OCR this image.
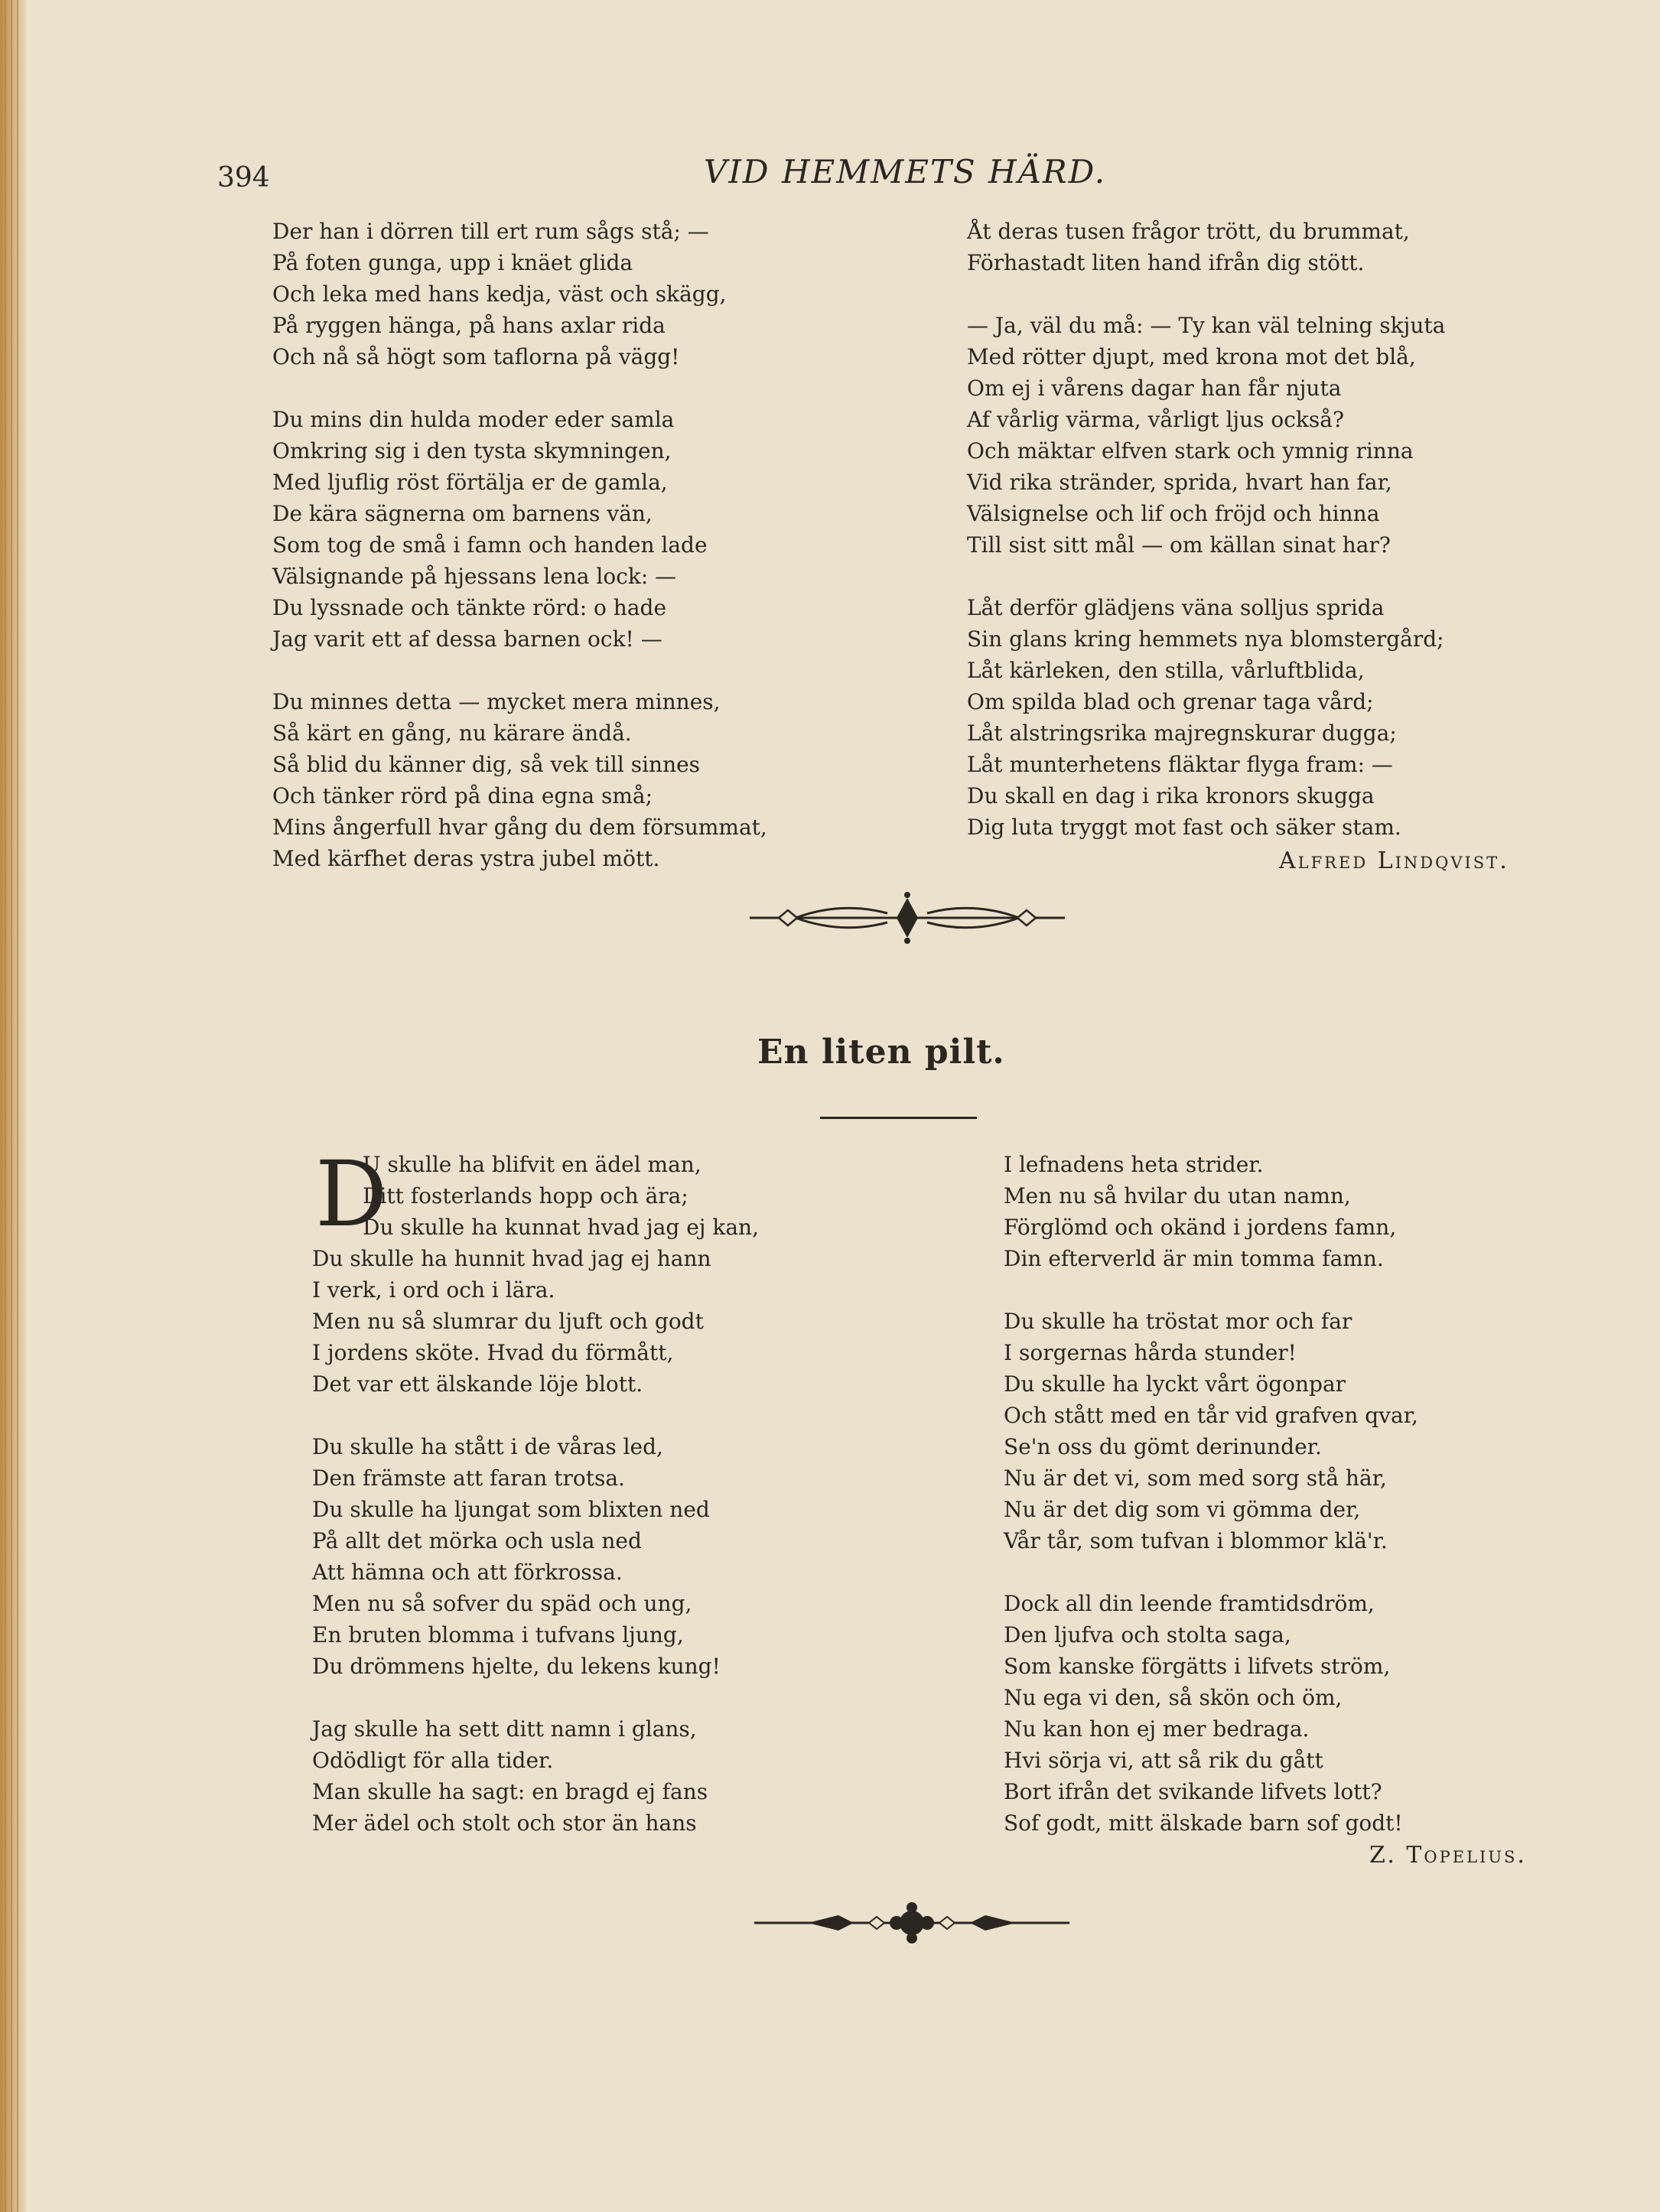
394	VID HEMMETS HÄRD.
Der han i dörren till ert rum sågs stå; —
På foten gunga, upp i knäet glida
Och leka med hans kedja, väst och skägg,
På ryggen hänga, på hans axlar rida
Och nå så högt som taflorna på vägg!
Du mins din hulda moder eder samla
Omkring sig i den tysta skymningen,
Med ljuflig röst förtälja er de gamla,
De kära sägnerna om barnens vän,
Som tog de små i famn och handen lade
Välsignande på hjessans lena lock: —
Du lyssnade och tänkte rörd: o hade
Jag varit ett af dessa barnen ock! —
Du minnes detta — mycket mera minnes,
Så kärt en gång, nu kärare ändå.
Så blid du känner dig, så vek till sinnes
Och tänker rörd på dina egna små;
Mins ångerfull hvar gång du dem försummat,
Med kärfhet deras ystra jubel mött.
Åt deras tusen frågor trött, du brummat,
Förhastadt liten hand ifrån dig stött.
— Ja, väl du må: — Ty kan väl telning skjuta
Med rötter djupt, med krona mot det blå,
Om ej i vårens dagar han får njuta
Af vårlig värma, vårligt ljus också?
Och mäktar elfven stark och ymnig rinna
Vid rika stränder, sprida, hvart han far,
Välsignelse och lif och fröjd och hinna
Till sist sitt mål — om källan sinat har?
Låt derför glädjens väna solljus sprida
Sin glans kring hemmets nya blomstergård;
Låt kärleken, den stilla, vårluftblida,
Om spilda blad och grenar taga vård;
Låt alstringsrika majregnskurar dugga;
Låt munterhetens fläktar flyga fram: —
Du skall en dag i rika kronors skugga
Dig luta tryggt mot fast och säker stam.
Alfred Lindqvist.
En liten pilt.
D
U skulle ha blifvit en ädel man,
Ditt fosterlands hopp och ära;
Du skulle ha kunnat hvad jag ej kan,
Du skulle ha hunnit hvad jag ej hann
I verk, i ord och i lära.
Men nu så slumrar du ljuft och godt
I jordens sköte. Hvad du förmått,
Det var ett älskande löje blott.
Du skulle ha stått i de våras led,
Den främste att faran trotsa.
Du skulle ha ljungat som blixten ned
På allt det mörka och usla ned
Att hämna och att förkrossa.
Men nu så sofver du späd och ung,
En bruten blomma i tufvans ljung,
Du drömmens hjelte, du lekens kung!
Jag skulle ha sett ditt namn i glans,
Odödligt för alla tider.
Man skulle ha sagt: en bragd ej fans
Mer ädel och stolt och stor än hans
I lefnadens heta strider.
Men nu så hvilar du utan namn,
Förglömd och okänd i jordens famn,
Din efterverld är min tomma famn.
Du skulle ha tröstat mor och far
I sorgernas hårda stunder!
Du skulle ha lyckt vårt ögonpar
Och stått med en tår vid grafven qvar,
Se'n oss du gömt derinunder.
Nu är det vi, som med sorg stå här,
Nu är det dig som vi gömma der,
Vår tår, som tufvan i blommor klä'r.
Dock all din leende framtidsdröm,
Den ljufva och stolta saga,
Som kanske förgätts i lifvets ström,
Nu ega vi den, så skön och öm,
Nu kan hon ej mer bedraga.
Hvi sörja vi, att så rik du gått
Bort ifrån det svikande lifvets lott?
Sof godt, mitt älskade barn sof godt!
Z. Topelius.
